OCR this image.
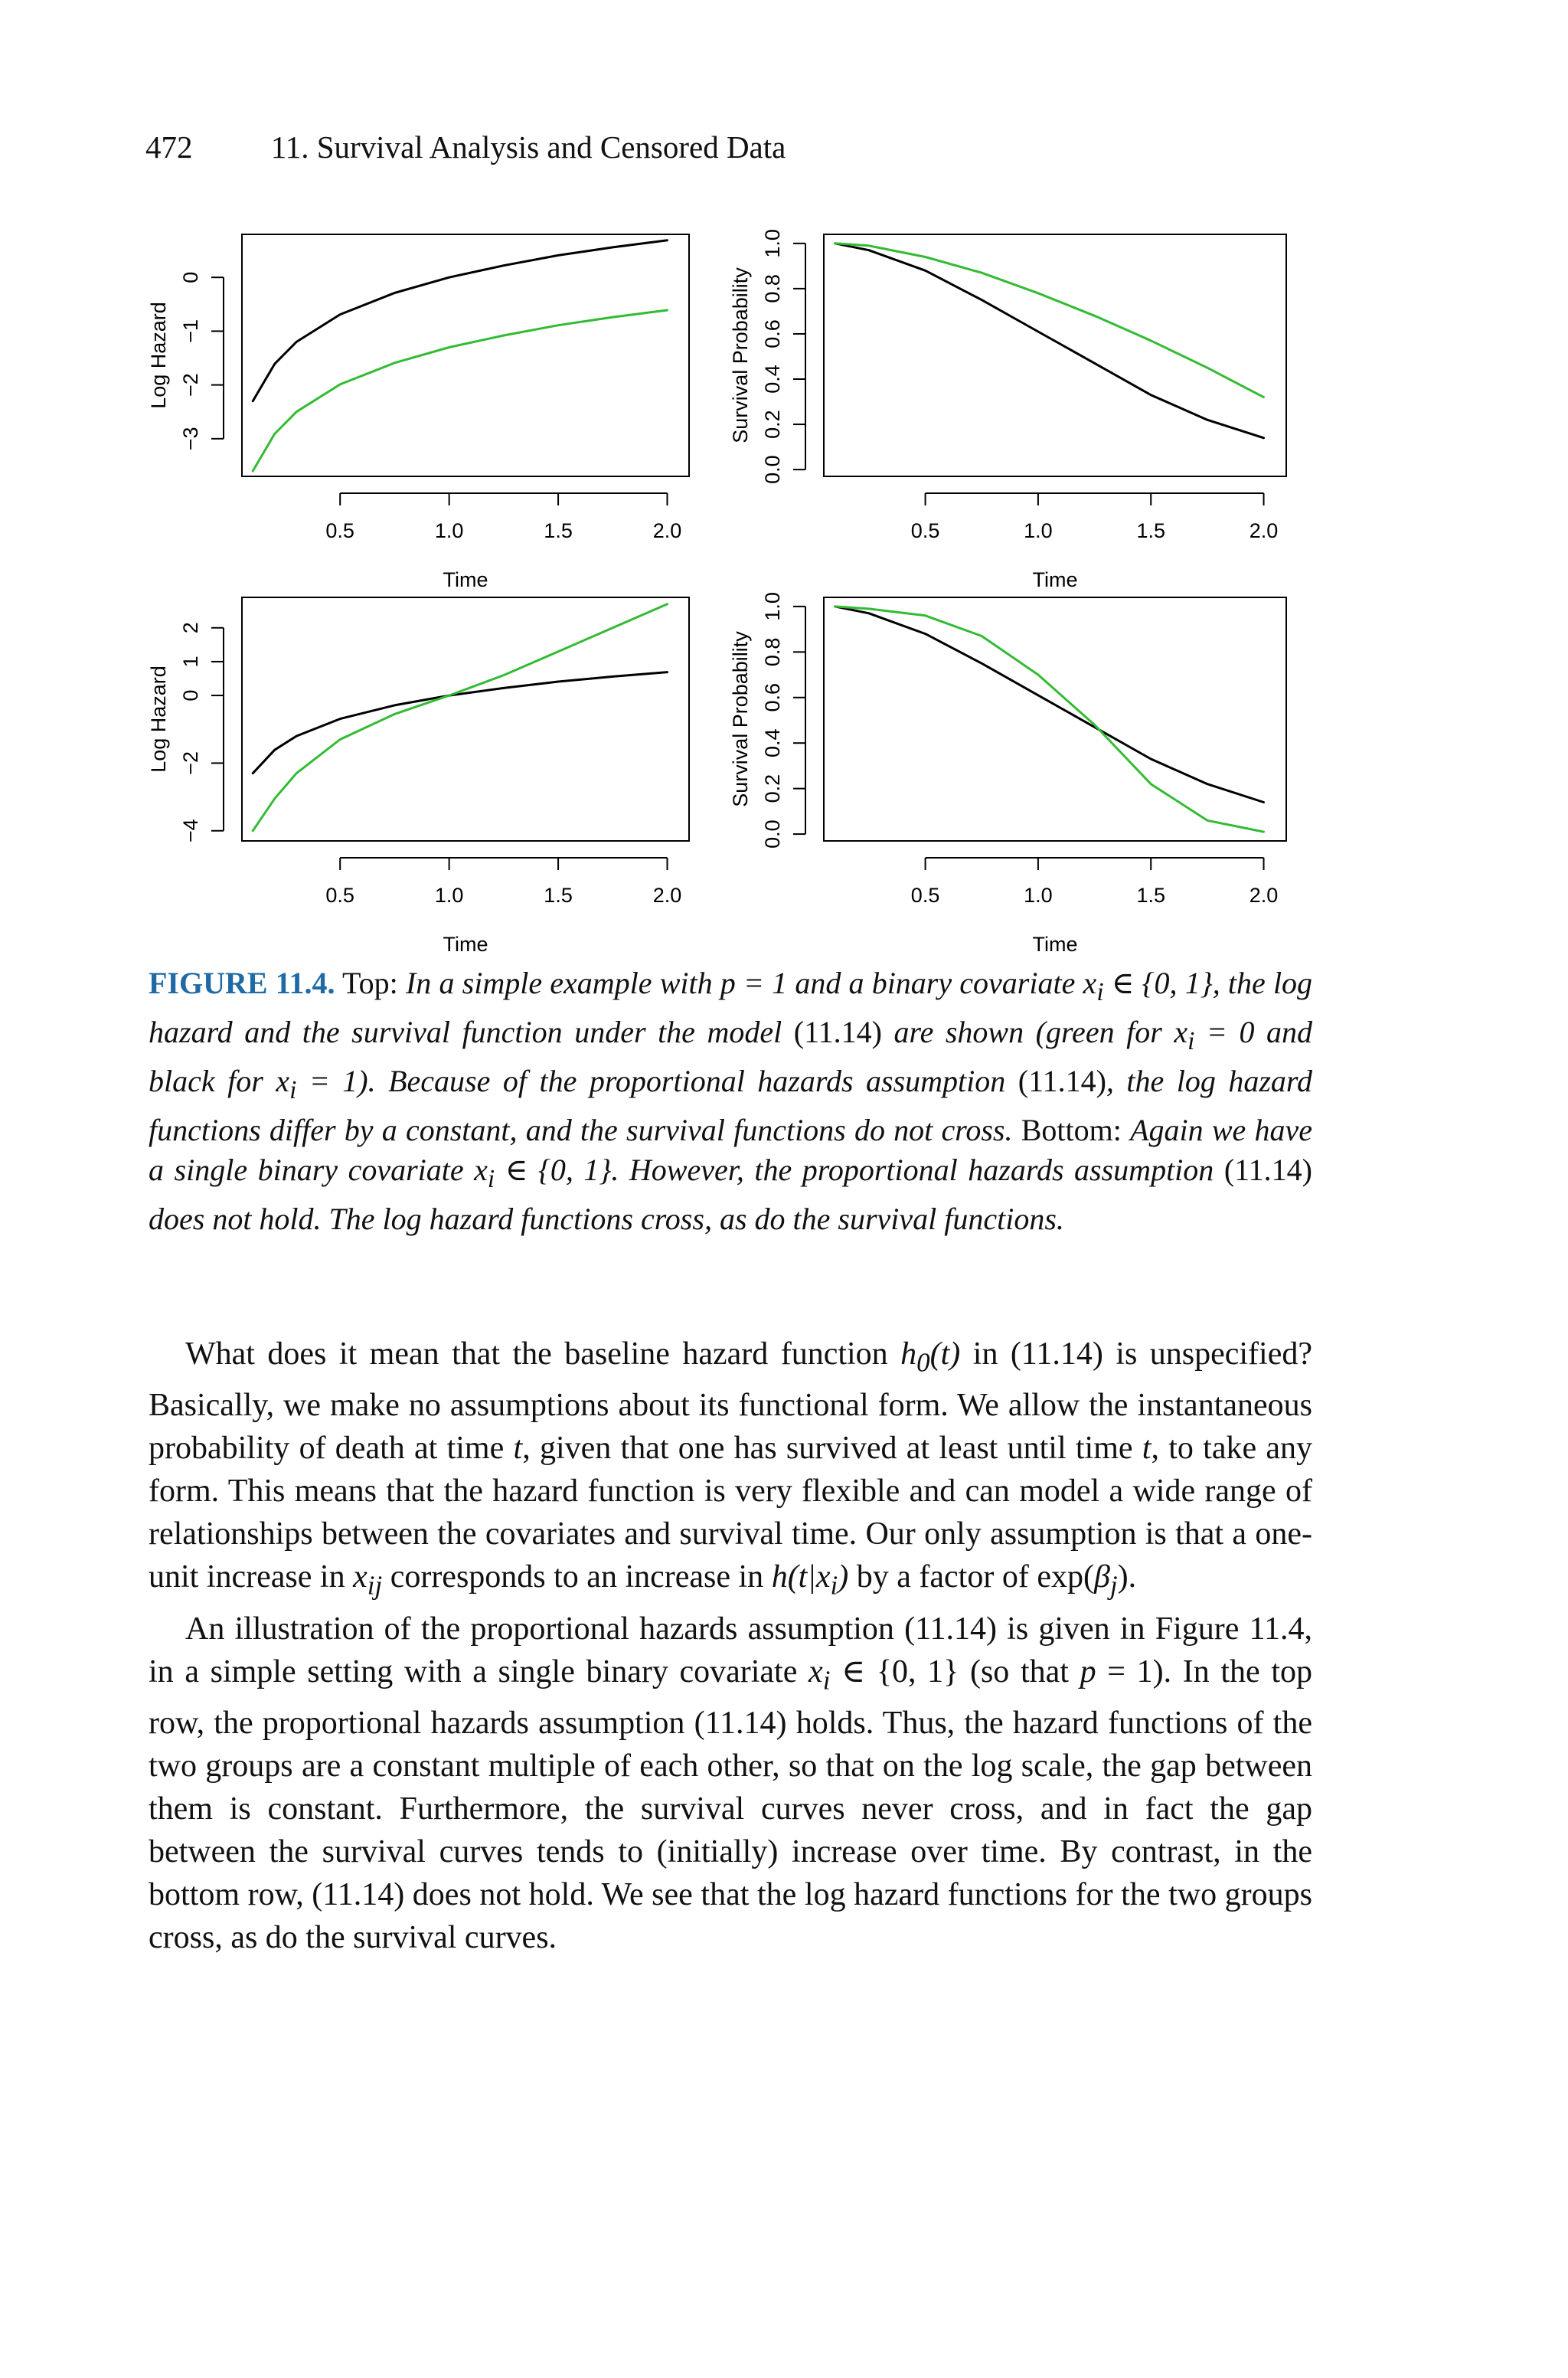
472 11. Survival Analysis and Censored Data
0.5	1.0	1.5	2.0
Time
−3
−2
−1
0
Log Hazard
0.5	1.0	1.5	2.0
Time
0.0
0.2
0.4
0.6
0.8
1.0
Survival Probability
0.5	1.0	1.5	2.0
Time
−4
−2
0
1
2
Log Hazard
0.5	1.0	1.5	2.0
Time
0.0
0.2
0.4
0.6
0.8
1.0
Survival Probability
FIGURE 11.4. Top: In a simple example with p = 1 and a binary covariate $x_i$ ∈ {0, 1}, the log hazard and the survival function under the model (11.14) are shown (green for $x_i = 0$ and black for $x_i = 1$). Because of the proportional hazards assumption (11.14), the log hazard functions differ by a constant, and the survival functions do not cross. Bottom: Again we have a single binary covariate $x_i$ ∈ {0, 1}. However, the proportional hazards assumption (11.14) does not hold. The log hazard functions cross, as do the survival functions.

What does it mean that the baseline hazard function $h_0(t)$ in (11.14) is unspecified? Basically, we make no assumptions about its functional form. We allow the instantaneous probability of death at time t, given that one has survived at least until time t, to take any form. This means that the hazard function is very flexible and can model a wide range of relationships between the covariates and survival time. Our only assumption is that a one-unit increase in $x_{ij}$ corresponds to an increase in $h(t|x_i)$ by a factor of $\exp(\beta_j)$.

An illustration of the proportional hazards assumption (11.14) is given in Figure 11.4, in a simple setting with a single binary covariate $x_i$ ∈ {0, 1} (so that p = 1). In the top row, the proportional hazards assumption (11.14) holds. Thus, the hazard functions of the two groups are a constant multiple of each other, so that on the log scale, the gap between them is constant. Furthermore, the survival curves never cross, and in fact the gap between the survival curves tends to (initially) increase over time. By contrast, in the bottom row, (11.14) does not hold. We see that the log hazard functions for the two groups cross, as do the survival curves.
